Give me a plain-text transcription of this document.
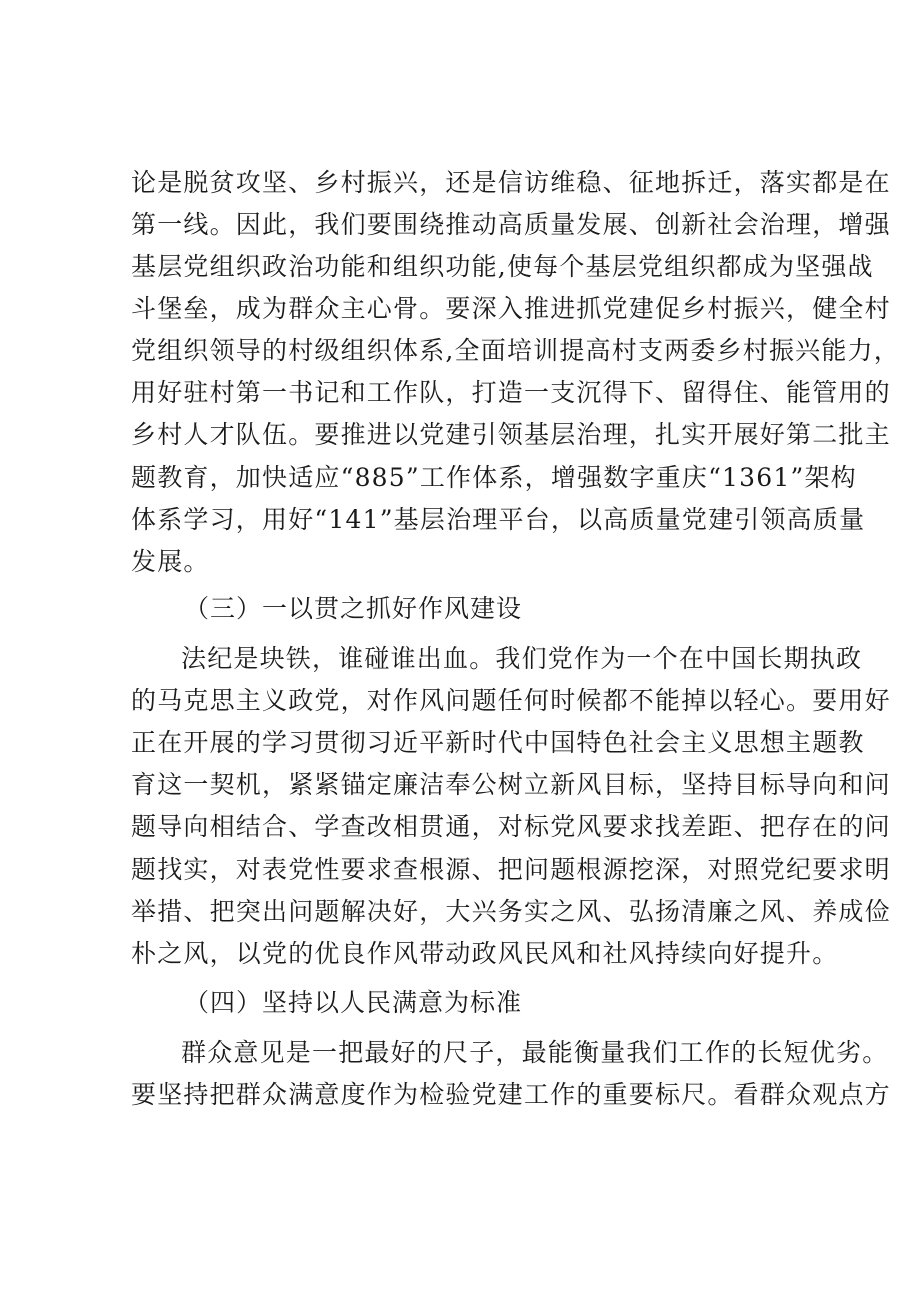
论是脱贫攻坚、乡村振兴，还是信访维稳、征地拆迁，落实都是在
第一线。因此，我们要围绕推动高质量发展、创新社会治理，增强
基层党组织政治功能和组织功能,使每个基层党组织都成为坚强战
斗堡垒，成为群众主心骨。要深入推进抓党建促乡村振兴，健全村
党组织领导的村级组织体系,全面培训提高村支两委乡村振兴能力，
用好驻村第一书记和工作队，打造一支沉得下、留得住、能管用的
乡村人才队伍。要推进以党建引领基层治理，扎实开展好第二批主
题教育，加快适应“885”工作体系，增强数字重庆“1361”架构
体系学习，用好“141”基层治理平台，以高质量党建引领高质量
发展。
（三）一以贯之抓好作风建设
法纪是块铁，谁碰谁出血。我们党作为一个在中国长期执政
的马克思主义政党，对作风问题任何时候都不能掉以轻心。要用好
正在开展的学习贯彻习近平新时代中国特色社会主义思想主题教
育这一契机，紧紧锚定廉洁奉公树立新风目标，坚持目标导向和问
题导向相结合、学查改相贯通，对标党风要求找差距、把存在的问
题找实，对表党性要求查根源、把问题根源挖深，对照党纪要求明
举措、把突出问题解决好，大兴务实之风、弘扬清廉之风、养成俭
朴之风，以党的优良作风带动政风民风和社风持续向好提升。
（四）坚持以人民满意为标准
群众意见是一把最好的尺子，最能衡量我们工作的长短优劣。
要坚持把群众满意度作为检验党建工作的重要标尺。看群众观点方
